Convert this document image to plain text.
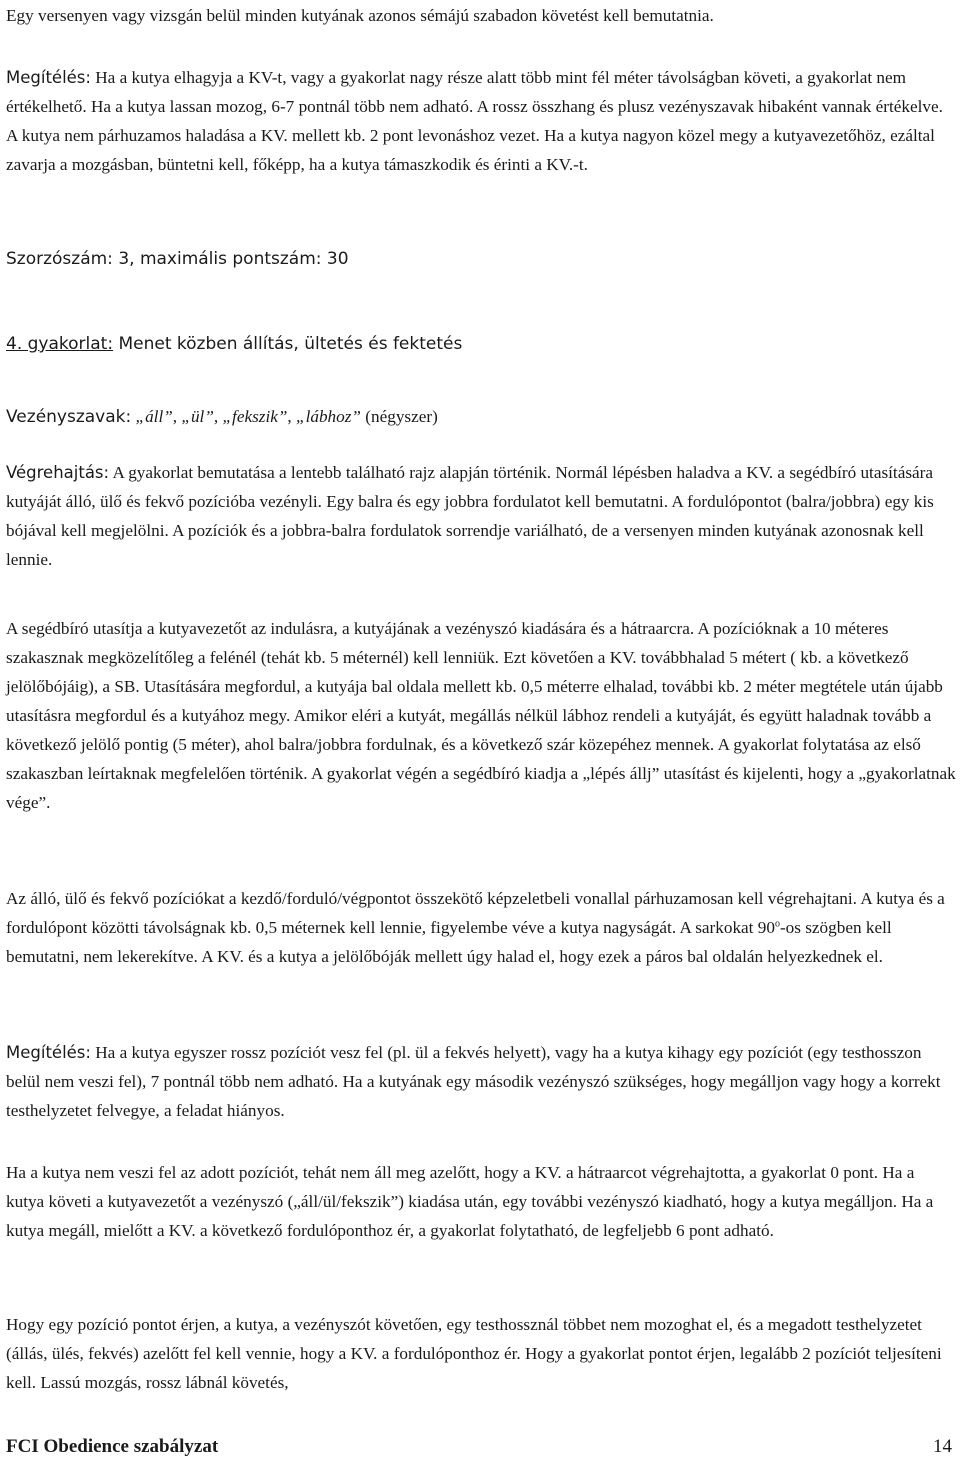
Egy versenyen vagy vizsgán belül minden kutyának azonos sémájú szabadon követést kell bemutatnia.

Megítélés: Ha a kutya elhagyja a KV-t, vagy a gyakorlat nagy része alatt több mint fél méter távolságban követi, a gyakorlat nem értékelhető. Ha a kutya lassan mozog, 6-7 pontnál több nem adható. A rossz összhang és plusz vezényszavak hibaként vannak értékelve. A kutya nem párhuzamos haladása a KV. mellett kb. 2 pont levonáshoz vezet. Ha a kutya nagyon közel megy a kutyavezetőhöz, ezáltal zavarja a mozgásban, büntetni kell, főképp, ha a kutya támaszkodik és érinti a KV.-t.

Szorzószám: 3, maximális pontszám: 30

4. gyakorlat: Menet közben állítás, ültetés és fektetés

Vezényszavak: „áll”, „ül”, „fekszik”, „lábhoz” (négyszer)

Végrehajtás: A gyakorlat bemutatása a lentebb található rajz alapján történik. Normál lépésben haladva a KV. a segédbíró utasítására kutyáját álló, ülő és fekvő pozícióba vezényli. Egy balra és egy jobbra fordulatot kell bemutatni. A fordulópontot (balra/jobbra) egy kis bójával kell megjelölni. A pozíciók és a jobbra-balra fordulatok sorrendje variálható, de a versenyen minden kutyának azonosnak kell lennie.

A segédbíró utasítja a kutyavezetőt az indulásra, a kutyájának a vezényszó kiadására és a hátraarcra. A pozícióknak a 10 méteres szakasznak megközelítőleg a felénél (tehát kb. 5 méternél) kell lenniük. Ezt követően a KV. továbbhalad 5 métert ( kb. a következő jelölőbójáig), a SB. Utasítására megfordul, a kutyája bal oldala mellett kb. 0,5 méterre elhalad, további kb. 2 méter megtétele után újabb utasításra megfordul és a kutyához megy. Amikor eléri a kutyát, megállás nélkül lábhoz rendeli a kutyáját, és együtt haladnak tovább a következő jelölő pontig (5 méter), ahol balra/jobbra fordulnak, és a következő szár közepéhez mennek. A gyakorlat folytatása az első szakaszban leírtaknak megfelelően történik. A gyakorlat végén a segédbíró kiadja a „lépés állj” utasítást és kijelenti, hogy a „gyakorlatnak vége”.

Az álló, ülő és fekvő pozíciókat a kezdő/forduló/végpontot összekötő képzeletbeli vonallal párhuzamosan kell végrehajtani. A kutya és a fordulópont közötti távolságnak kb. 0,5 méternek kell lennie, figyelembe véve a kutya nagyságát. A sarkokat 90$^o$-os szögben kell bemutatni, nem lekerekítve. A KV. és a kutya a jelölőbóják mellett úgy halad el, hogy ezek a páros bal oldalán helyezkednek el.

Megítélés: Ha a kutya egyszer rossz pozíciót vesz fel (pl. ül a fekvés helyett), vagy ha a kutya kihagy egy pozíciót (egy testhosszon belül nem veszi fel), 7 pontnál több nem adható. Ha a kutyának egy második vezényszó szükséges, hogy megálljon vagy hogy a korrekt testhelyzetet felvegye, a feladat hiányos.

Ha a kutya nem veszi fel az adott pozíciót, tehát nem áll meg azelőtt, hogy a KV. a hátraarcot végrehajtotta, a gyakorlat 0 pont. Ha a kutya követi a kutyavezetőt a vezényszó („áll/ül/fekszik”) kiadása után, egy további vezényszó kiadható, hogy a kutya megálljon. Ha a kutya megáll, mielőtt a KV. a következő fordulóponthoz ér, a gyakorlat folytatható, de legfeljebb 6 pont adható.

Hogy egy pozíció pontot érjen, a kutya, a vezényszót követően, egy testhossznál többet nem mozoghat el, és a megadott testhelyzetet (állás, ülés, fekvés) azelőtt fel kell vennie, hogy a KV. a fordulóponthoz ér. Hogy a gyakorlat pontot érjen, legalább 2 pozíciót teljesíteni kell. Lassú mozgás, rossz lábnál követés,

FCI Obedience szabályzat	14
